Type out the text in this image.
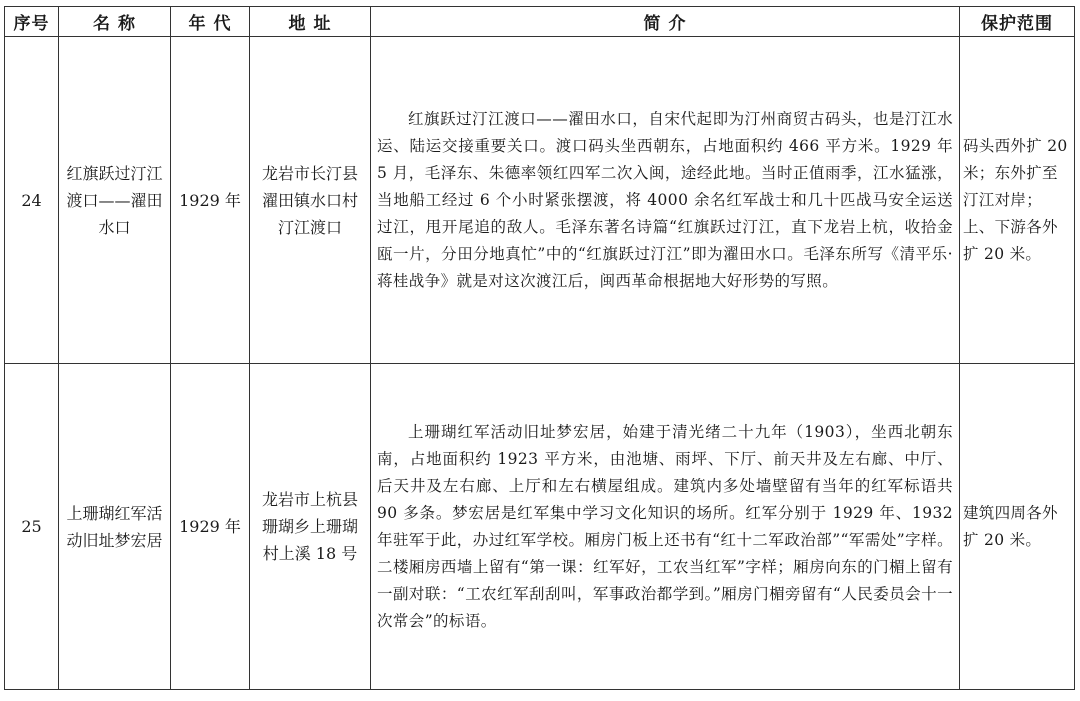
序号	名 称	年 代	地 址	简 介	保护范围
24	红旗跃过汀江渡口——濯田水口	1929 年	龙岩市长汀县濯田镇水口村汀江渡口	红旗跃过汀江渡口——濯田水口，自宋代起即为汀州商贸古码头，也是汀江水运、陆运交接重要关口。渡口码头坐西朝东，占地面积约 466 平方米。1929 年 5 月，毛泽东、朱德率领红四军二次入闽，途经此地。当时正值雨季，江水猛涨，当地船工经过 6 个小时紧张摆渡，将 4000 余名红军战士和几十匹战马安全运送过江，甩开尾追的敌人。毛泽东著名诗篇“红旗跃过汀江，直下龙岩上杭，收拾金瓯一片，分田分地真忙”中的“红旗跃过汀江”即为濯田水口。毛泽东所写《清平乐·蒋桂战争》就是对这次渡江后，闽西革命根据地大好形势的写照。	码头西外扩 20 米；东外扩至汀江对岸；上、下游各外扩 20 米。
25	上珊瑚红军活动旧址梦宏居	1929 年	龙岩市上杭县珊瑚乡上珊瑚村上溪 18 号	上珊瑚红军活动旧址梦宏居，始建于清光绪二十九年（1903），坐西北朝东南，占地面积约 1923 平方米，由池塘、雨坪、下厅、前天井及左右廊、中厅、后天井及左右廊、上厅和左右横屋组成。建筑内多处墙壁留有当年的红军标语共 90 多条。梦宏居是红军集中学习文化知识的场所。红军分别于 1929 年、1932 年驻军于此，办过红军学校。厢房门板上还书有“红十二军政治部”“军需处”字样。二楼厢房西墙上留有“第一课：红军好，工农当红军”字样；厢房向东的门楣上留有一副对联：“工农红军刮刮叫，军事政治都学到。”厢房门楣旁留有“人民委员会十一次常会”的标语。	建筑四周各外扩 20 米。
